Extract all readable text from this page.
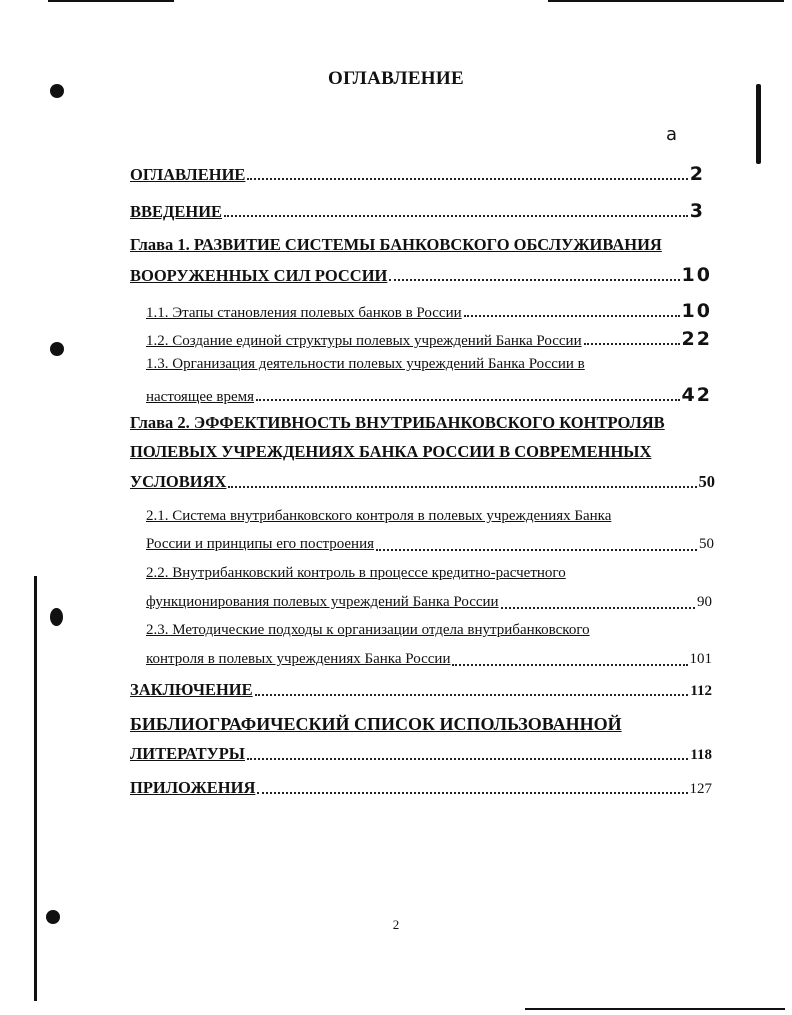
ОГЛАВЛЕНИЕ
а
ОГЛАВЛЕНИЕ	2
ВВЕДЕНИЕ	3
Глава 1. РАЗВИТИЕ СИСТЕМЫ БАНКОВСКОГО ОБСЛУЖИВАНИЯ
ВООРУЖЕННЫХ СИЛ РОССИИ	10
1.1. Этапы становления полевых банков в России	10
1.2. Создание единой структуры полевых учреждений Банка России	22
1.3. Организация деятельности полевых учреждений Банка России в
настоящее время	42
Глава 2. ЭФФЕКТИВНОСТЬ ВНУТРИБАНКОВСКОГО КОНТРОЛЯВ
ПОЛЕВЫХ УЧРЕЖДЕНИЯХ БАНКА РОССИИ В СОВРЕМЕННЫХ
УСЛОВИЯХ	50
2.1. Система внутрибанковского контроля в полевых учреждениях Банка
России и принципы его построения	50
2.2. Внутрибанковский контроль в процессе кредитно-расчетного
функционирования полевых учреждений Банка России	90
2.3. Методические подходы к организации отдела внутрибанковского
контроля в полевых учреждениях Банка России	101
ЗАКЛЮЧЕНИЕ	112
БИБЛИОГРАФИЧЕСКИЙ СПИСОК ИСПОЛЬЗОВАННОЙ
ЛИТЕРАТУРЫ	118
ПРИЛОЖЕНИЯ	127
2
